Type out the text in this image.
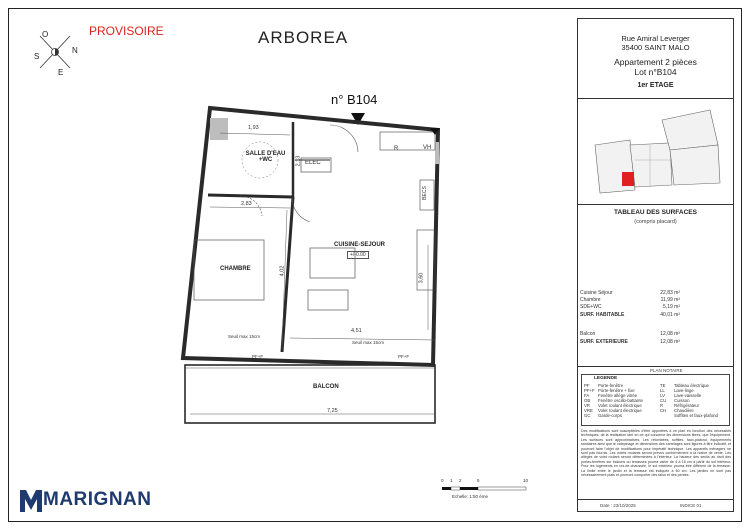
N
E
S
O	PROVISOIRE	ARBOREA
n° B104
SALLE D'EAU
+WC
CHAMBRE
CUISINE-SEJOUR
+/-0.00
BALCON
ELEC
VH
BECS
R
1,93
2,13
2,83
4,02
3,60
4,51
7,25
Seuil max 15cm
Seuil max 15cm
PF+F	PF+F
Rue Amiral Leverger
35400 SAINT MALO
Appartement 2 pièces
Lot n°B104
1er ETAGE
TABLEAU DES SURFACES
(compris placard)
Cuisine Séjour	22,83 m²
Chambre	11,99 m²
SDE+WC	5,19 m²
SURF. HABITABLE	40,01 m²
Balcon	12,08 m²
SURF. EXTERIEURE	12,08 m²
PLAN NOTAIRE
LEGENDE
PF Porte-fenêtre
PF+F Porte-fenêtre + fixe
FA Fenêtre allège vitrée
OB Fenêtre oscillo-battante
VR Volet roulant électrique
VRE Volet roulant électrique
GC Garde-corps
TE Tableau électrique
LL Lave-linge
LV Lave-vaisselle
CU Cuisson
R	Réfrigérateur
CH Chaudière
Soffites et faux-plafond
Des modifications sont susceptibles d'être apportées à ce plan en fonction des nécessités techniques, de la réalisation tant en ce qui concerne les dimensions libres, que l'équipement. Les surfaces sont approximatives. Les retombées, soffites, faux-plafond, équipements sanitaires ainsi que le calepinage et dimensions des carrelages sont figurés à titre indicatif, et pourront faire l'objet de modifications pour impératif technique. Les appareils ménagers ne sont pas fournis. Les volets roulants seront prévus conformément à la notice de vente. Les allèges de volet roulant seront déterminées à l'intérieur. La hauteur des seuils au droit des portes-fenêtres sur balcons ou terrasses pourra varier de 4 à 15 cm à partir du sol intérieur. Pour les logements en rez-de-chaussée, le sol extérieur pourra être différent de la terrasse. La limite entre le jardin et la terrasse est indiquée à 60 cm. Les jardins ne sont pas nécessairement plats et pourront comporter des talus et des pentes.
Date : 23/10/2025	INDICE 01
MARIGNAN
0 1 2	5	10
Echelle: 1:50 ème
